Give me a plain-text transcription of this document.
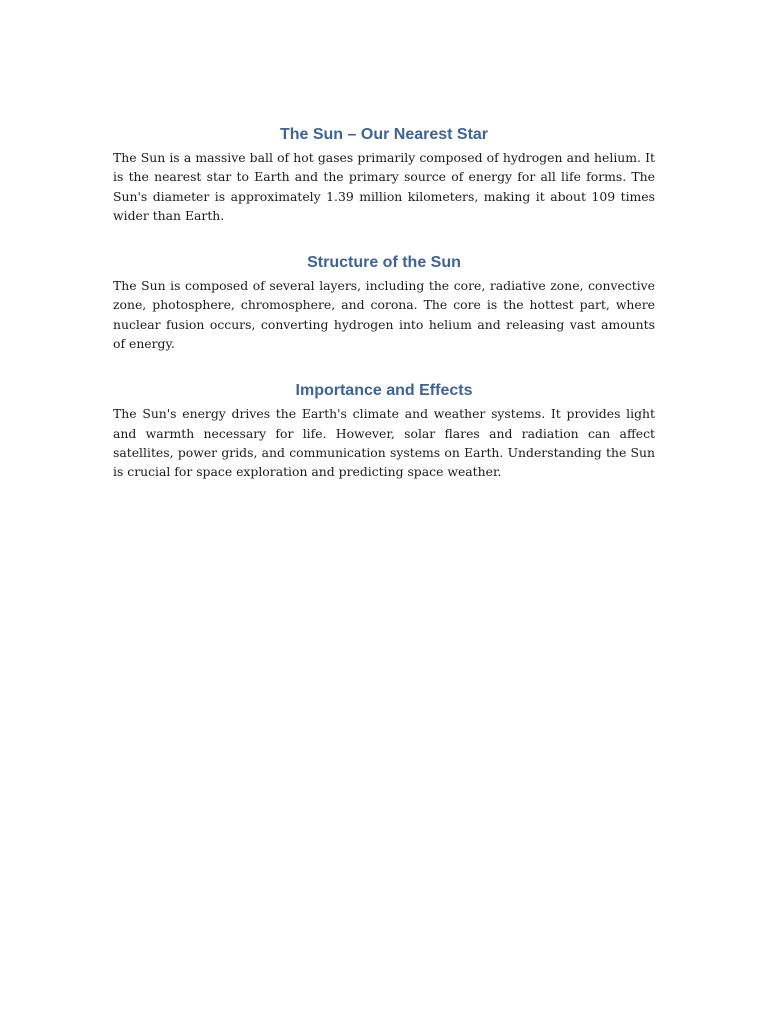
The Sun – Our Nearest Star

The Sun is a massive ball of hot gases primarily composed of hydrogen and helium. It is the nearest star to Earth and the primary source of energy for all life forms. The Sun's diameter is approximately 1.39 million kilometers, making it about 109 times wider than Earth.

Structure of the Sun

The Sun is composed of several layers, including the core, radiative zone, convective zone, photosphere, chromosphere, and corona. The core is the hottest part, where nuclear fusion occurs, converting hydrogen into helium and releasing vast amounts of energy.

Importance and Effects

The Sun's energy drives the Earth's climate and weather systems. It provides light and warmth necessary for life. However, solar flares and radiation can affect satellites, power grids, and communication systems on Earth. Understanding the Sun is crucial for space exploration and predicting space weather.
